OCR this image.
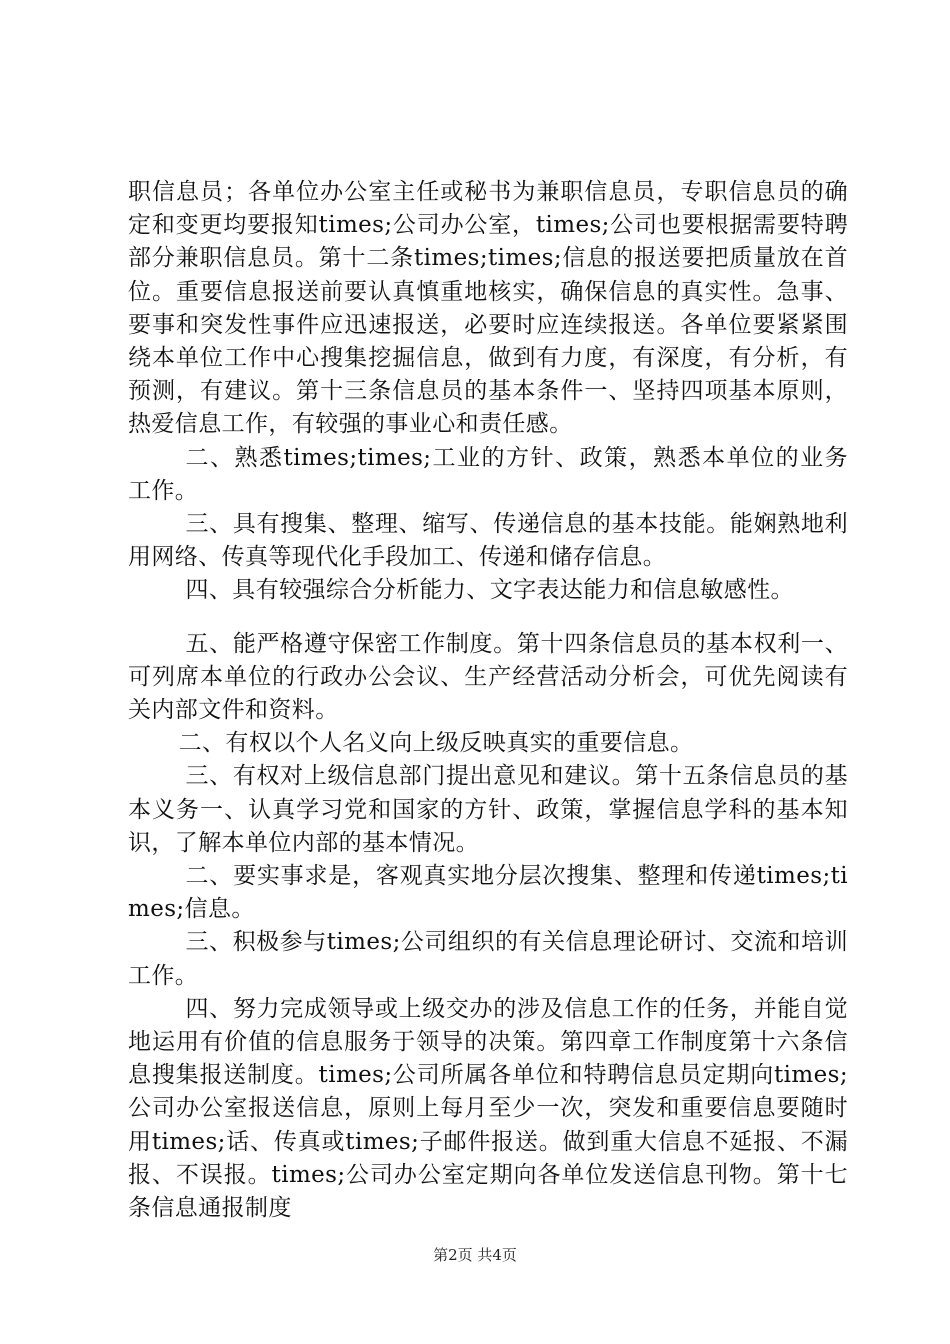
职信息员；各单位办公室主任或秘书为兼职信息员，专职信息员的确定和变更均要报知times;公司办公室，times;公司也要根据需要特聘部分兼职信息员。第十二条times;times;信息的报送要把质量放在首位。重要信息报送前要认真慎重地核实，确保信息的真实性。急事、要事和突发性事件应迅速报送，必要时应连续报送。各单位要紧紧围绕本单位工作中心搜集挖掘信息，做到有力度，有深度，有分析，有预测，有建议。第十三条信息员的基本条件一、坚持四项基本原则，热爱信息工作，有较强的事业心和责任感。

二、熟悉times;times;工业的方针、政策，熟悉本单位的业务工作。

三、具有搜集、整理、缩写、传递信息的基本技能。能娴熟地利用网络、传真等现代化手段加工、传递和储存信息。

四、具有较强综合分析能力、文字表达能力和信息敏感性。

五、能严格遵守保密工作制度。第十四条信息员的基本权利一、可列席本单位的行政办公会议、生产经营活动分析会，可优先阅读有关内部文件和资料。

二、有权以个人名义向上级反映真实的重要信息。

三、有权对上级信息部门提出意见和建议。第十五条信息员的基本义务一、认真学习党和国家的方针、政策，掌握信息学科的基本知识，了解本单位内部的基本情况。

二、要实事求是，客观真实地分层次搜集、整理和传递times;times;信息。

三、积极参与times;公司组织的有关信息理论研讨、交流和培训工作。

四、努力完成领导或上级交办的涉及信息工作的任务，并能自觉地运用有价值的信息服务于领导的决策。第四章工作制度第十六条信息搜集报送制度。times;公司所属各单位和特聘信息员定期向times;公司办公室报送信息，原则上每月至少一次，突发和重要信息要随时用times;话、传真或times;子邮件报送。做到重大信息不延报、不漏报、不误报。times;公司办公室定期向各单位发送信息刊物。第十七条信息通报制度

第2页 共4页
